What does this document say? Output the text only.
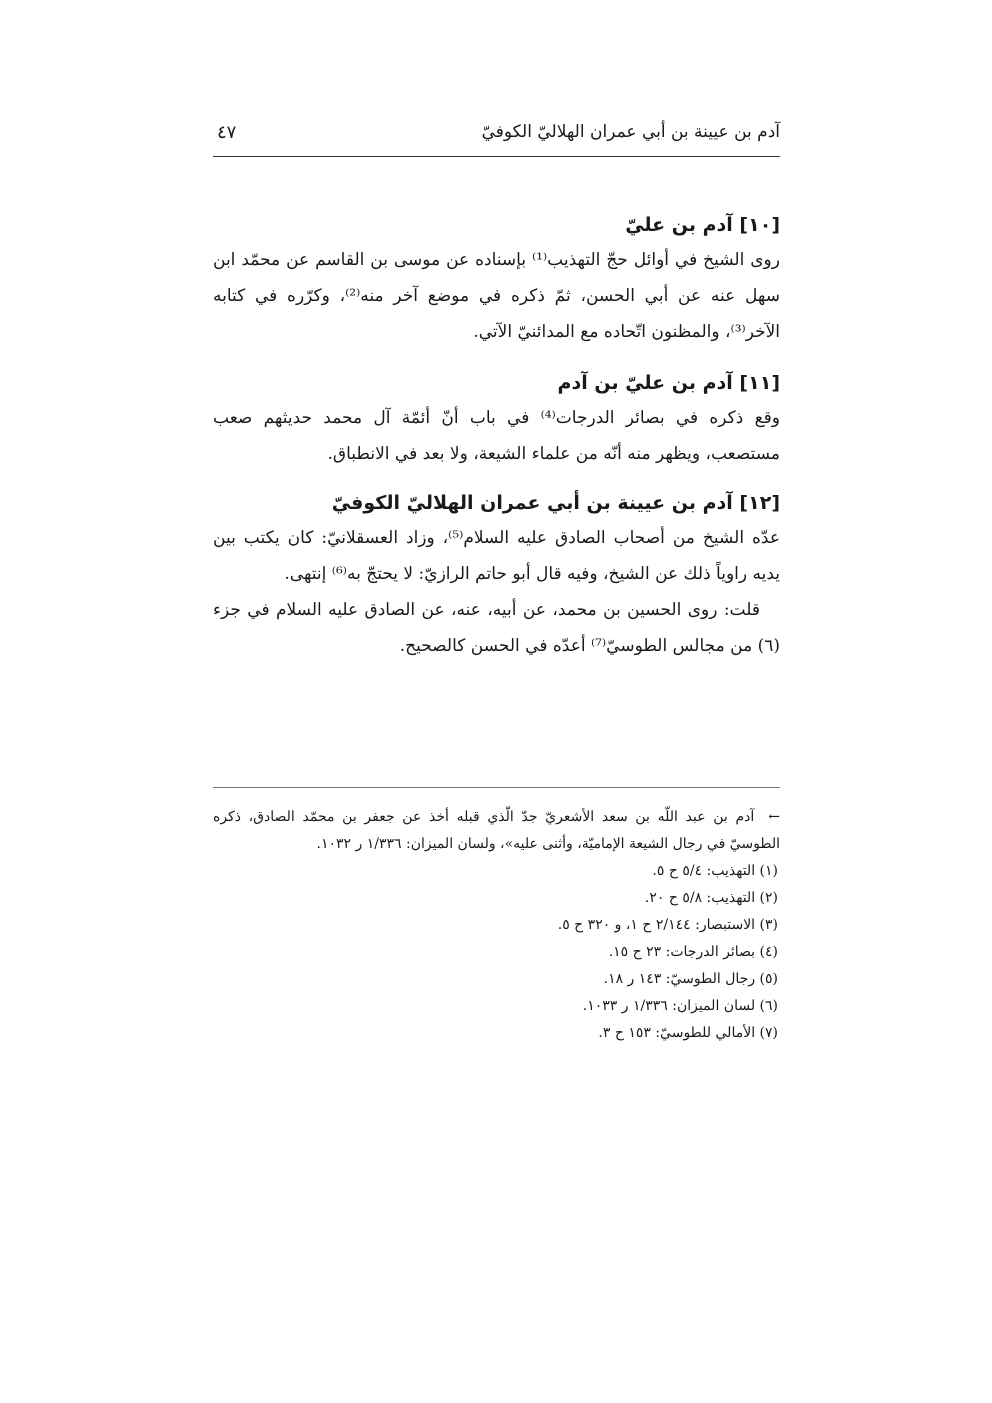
آدم بن عيينة بن أبي عمران الهلاليّ الكوفيّ
٤٧
[١٠] آدم بن عليّ

روى الشيخ في أوائل حجّ التهذيب⁽¹⁾ بإسناده عن موسى بن القاسم عن محمّد ابن سهل عنه عن أبي الحسن، ثمّ ذكره في موضع آخر منه⁽²⁾، وكرّره في كتابه الآخر⁽³⁾، والمظنون اتّحاده مع المدائنيّ الآتي.

[١١] آدم بن عليّ بن آدم

وقع ذكره في بصائر الدرجات⁽⁴⁾ في باب أنّ أئمّة آل محمد حديثهم صعب مستصعب، ويظهر منه أنّه من علماء الشيعة، ولا بعد في الانطباق.

[١٢] آدم بن عيينة بن أبي عمران الهلاليّ الكوفيّ

عدّه الشيخ من أصحاب الصادق عليه السلام⁽⁵⁾، وزاد العسقلانيّ: كان يكتب بين يديه راوياً ذلك عن الشيخ، وفيه قال أبو حاتم الرازيّ: لا يحتجّ به⁽⁶⁾ إنتهى.

قلت: روى الحسين بن محمد، عن أبيه، عنه، عن الصادق عليه السلام في جزء (٦) من مجالس الطوسيّ⁽⁷⁾ أعدّه في الحسن كالصحيح.

←آدم بن عبد اللّه بن سعد الأشعريّ جدّ الّذي قبله أخذ عن جعفر بن محمّد الصادق، ذكره الطوسيّ في رجال الشيعة الإماميّة، وأثنى عليه»، ولسان الميزان: ١/٣٣٦ ر ١٠٣٢.

(١) التهذيب: ٥/٤ ح ٥.

(٢) التهذيب: ٥/٨ ح ٢٠.

(٣) الاستبصار: ٢/١٤٤ ح ١، و ٣٢٠ ح ٥.

(٤) بصائر الدرجات: ٢٣ ح ١٥.

(٥) رجال الطوسيّ: ١٤٣ ر ١٨.

(٦) لسان الميزان: ١/٣٣٦ ر ١٠٣٣.

(٧) الأمالي للطوسيّ: ١٥٣ ح ٣.
